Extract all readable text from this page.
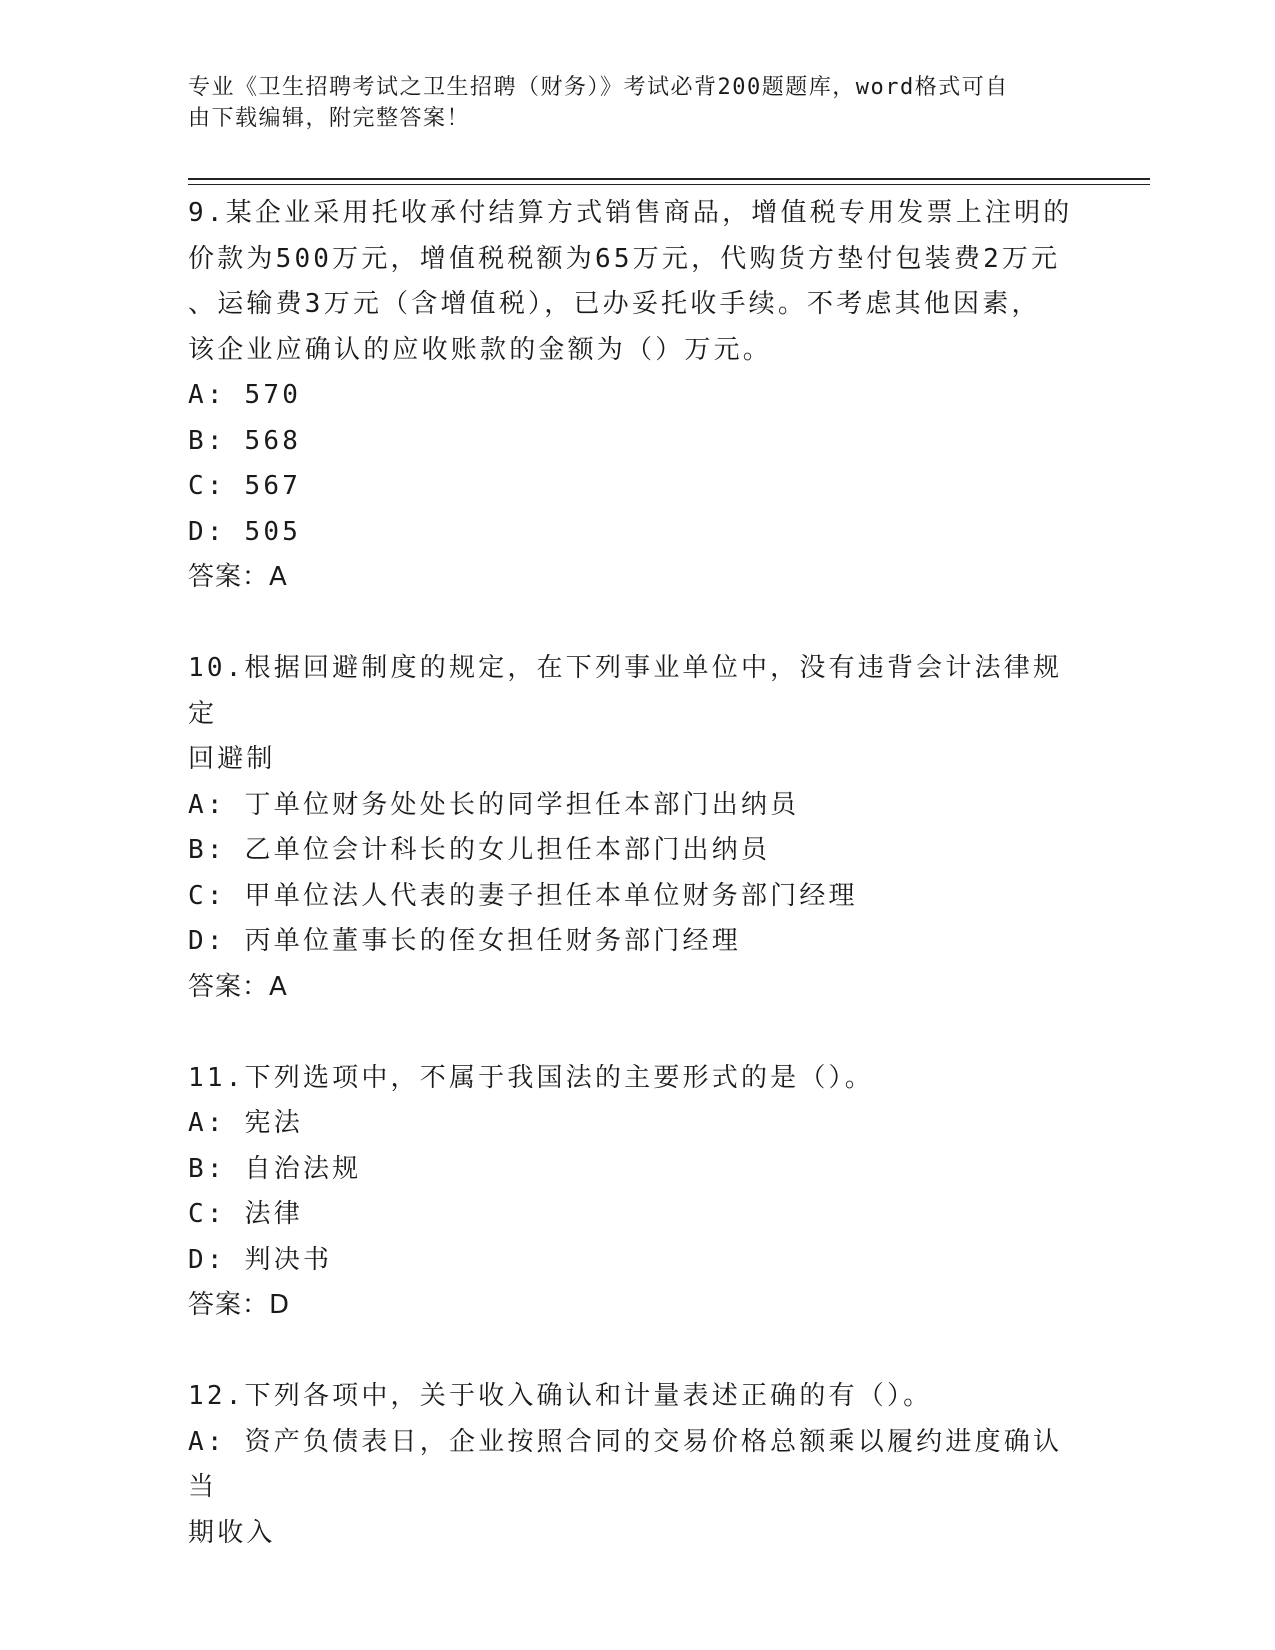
专业《卫生招聘考试之卫生招聘（财务）》考试必背200题题库，word格式可自
由下载编辑，附完整答案！
9.某企业采用托收承付结算方式销售商品，增值税专用发票上注明的
价款为500万元，增值税税额为65万元，代购货方垫付包装费2万元
、运输费3万元（含增值税），已办妥托收手续。不考虑其他因素，
该企业应确认的应收账款的金额为（）万元。
A: 570
B: 568
C: 567
D: 505
答案：A
10.根据回避制度的规定，在下列事业单位中，没有违背会计法律规定
回避制
A: 丁单位财务处处长的同学担任本部门出纳员
B: 乙单位会计科长的女儿担任本部门出纳员
C: 甲单位法人代表的妻子担任本单位财务部门经理
D: 丙单位董事长的侄女担任财务部门经理
答案：A
11.下列选项中，不属于我国法的主要形式的是（）。
A: 宪法
B: 自治法规
C: 法律
D: 判决书
答案：D
12.下列各项中，关于收入确认和计量表述正确的有（）。
A: 资产负债表日，企业按照合同的交易价格总额乘以履约进度确认当
期收入
